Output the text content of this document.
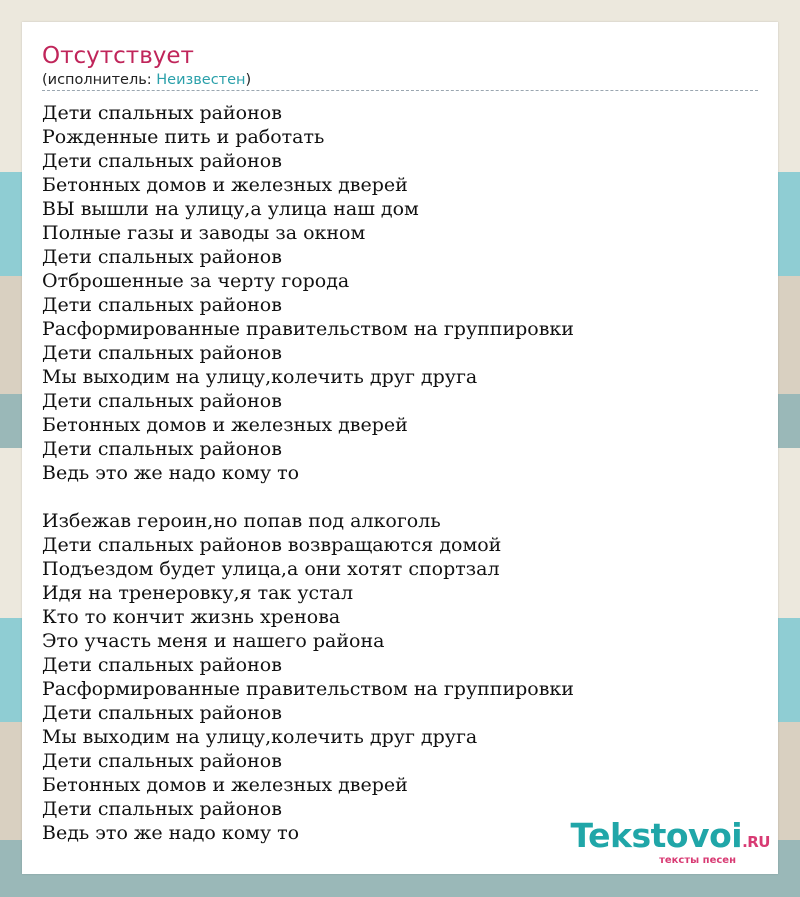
Отсутствует
(исполнитель: Неизвестен)
Дети спальных районов
Рожденные пить и работать
Дети спальных районов
Бетонных домов и железных дверей
ВЫ вышли на улицу,а улица наш дом
Полные газы и заводы за окном
Дети спальных районов
Отброшенные за черту города
Дети спальных районов
Расформированные правительством на группировки
Дети спальных районов
Мы выходим на улицу,колечить друг друга
Дети спальных районов
Бетонных домов и железных дверей
Дети спальных районов
Ведь это же надо кому то
Избежав героин,но попав под алкоголь
Дети спальных районов возвращаются домой
Подъездом будет улица,а они хотят спортзал
Идя на тренеровку,я так устал
Кто то кончит жизнь хренова
Это участь меня и нашего района
Дети спальных районов
Расформированные правительством на группировки
Дети спальных районов
Мы выходим на улицу,колечить друг друга
Дети спальных районов
Бетонных домов и железных дверей
Дети спальных районов
Ведь это же надо кому то	Tekstovoi.RU
тексты песен
